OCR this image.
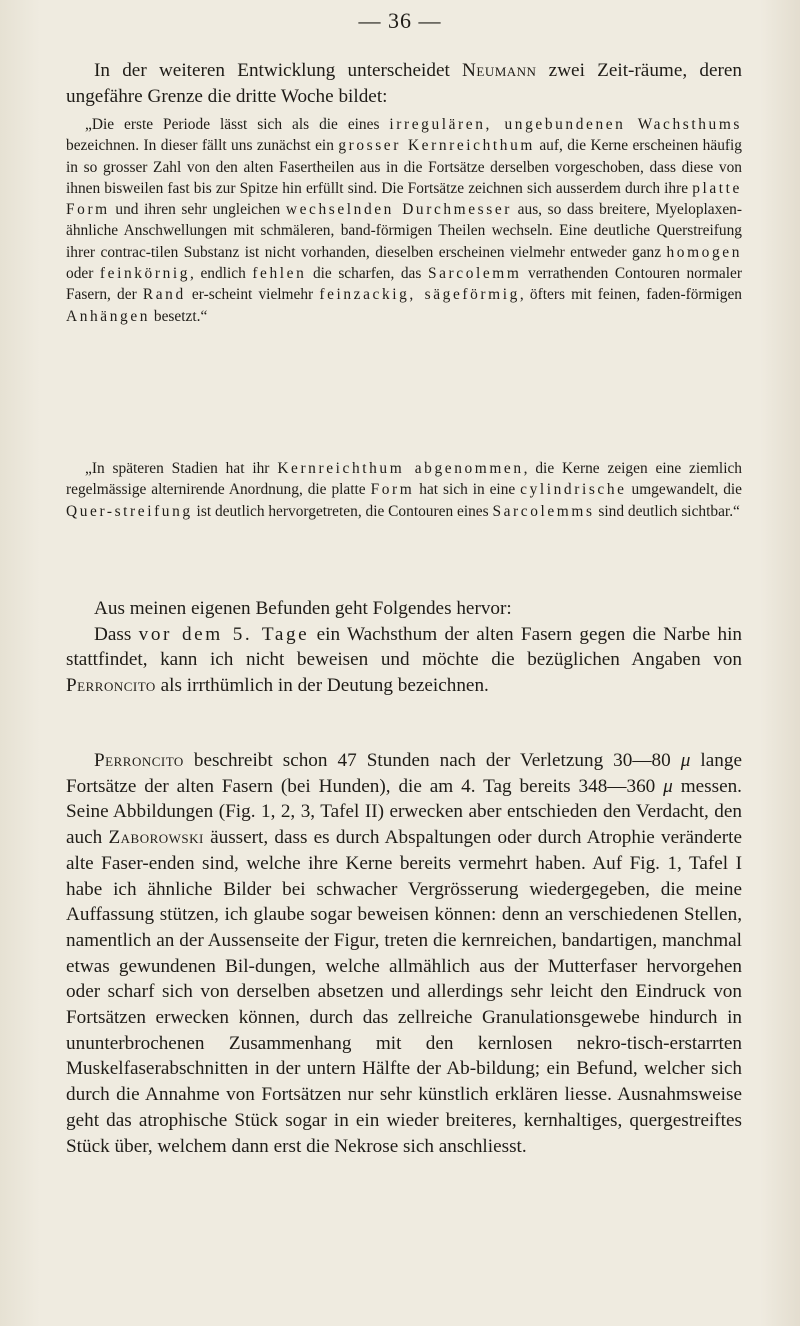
— 36 —

In der weiteren Entwicklung unterscheidet Neumann zwei Zeit-räume, deren ungefähre Grenze die dritte Woche bildet:

„Die erste Periode lässt sich als die eines irregulären, ungebundenen Wachsthums bezeichnen. In dieser fällt uns zunächst ein grosser Kernreichthum auf, die Kerne erscheinen häufig in so grosser Zahl von den alten Fasertheilen aus in die Fortsätze derselben vorgeschoben, dass diese von ihnen bisweilen fast bis zur Spitze hin erfüllt sind. Die Fortsätze zeichnen sich ausserdem durch ihre platte Form und ihren sehr ungleichen wechselnden Durchmesser aus, so dass breitere, Myeloplaxen-ähnliche Anschwellungen mit schmäleren, band-förmigen Theilen wechseln. Eine deutliche Querstreifung ihrer contrac-tilen Substanz ist nicht vorhanden, dieselben erscheinen vielmehr entweder ganz homogen oder feinkörnig, endlich fehlen die scharfen, das Sarcolemm verrathenden Contouren normaler Fasern, der Rand er-scheint vielmehr feinzackig, sägeförmig, öfters mit feinen, faden-förmigen Anhängen besetzt.“

„In späteren Stadien hat ihr Kernreichthum abgenommen, die Kerne zeigen eine ziemlich regelmässige alternirende Anordnung, die platte Form hat sich in eine cylindrische umgewandelt, die Quer-streifung ist deutlich hervorgetreten, die Contouren eines Sarcolemms sind deutlich sichtbar.“

Aus meinen eigenen Befunden geht Folgendes hervor:

Dass vor dem 5. Tage ein Wachsthum der alten Fasern gegen die Narbe hin stattfindet, kann ich nicht beweisen und möchte die bezüglichen Angaben von Perroncito als irrthümlich in der Deutung bezeichnen.

Perroncito beschreibt schon 47 Stunden nach der Verletzung 30—80 μ lange Fortsätze der alten Fasern (bei Hunden), die am 4. Tag bereits 348—360 μ messen. Seine Abbildungen (Fig. 1, 2, 3, Tafel II) erwecken aber entschieden den Verdacht, den auch Zaborowski äussert, dass es durch Abspaltungen oder durch Atrophie veränderte alte Faser-enden sind, welche ihre Kerne bereits vermehrt haben. Auf Fig. 1, Tafel I habe ich ähnliche Bilder bei schwacher Vergrösserung wiedergegeben, die meine Auffassung stützen, ich glaube sogar beweisen können: denn an verschiedenen Stellen, namentlich an der Aussenseite der Figur, treten die kernreichen, bandartigen, manchmal etwas gewundenen Bil-dungen, welche allmählich aus der Mutterfaser hervorgehen oder scharf sich von derselben absetzen und allerdings sehr leicht den Eindruck von Fortsätzen erwecken können, durch das zellreiche Granulationsgewebe hindurch in ununterbrochenen Zusammenhang mit den kernlosen nekro-tisch-erstarrten Muskelfaserabschnitten in der untern Hälfte der Ab-bildung; ein Befund, welcher sich durch die Annahme von Fortsätzen nur sehr künstlich erklären liesse. Ausnahmsweise geht das atrophische Stück sogar in ein wieder breiteres, kernhaltiges, quergestreiftes Stück über, welchem dann erst die Nekrose sich anschliesst.
